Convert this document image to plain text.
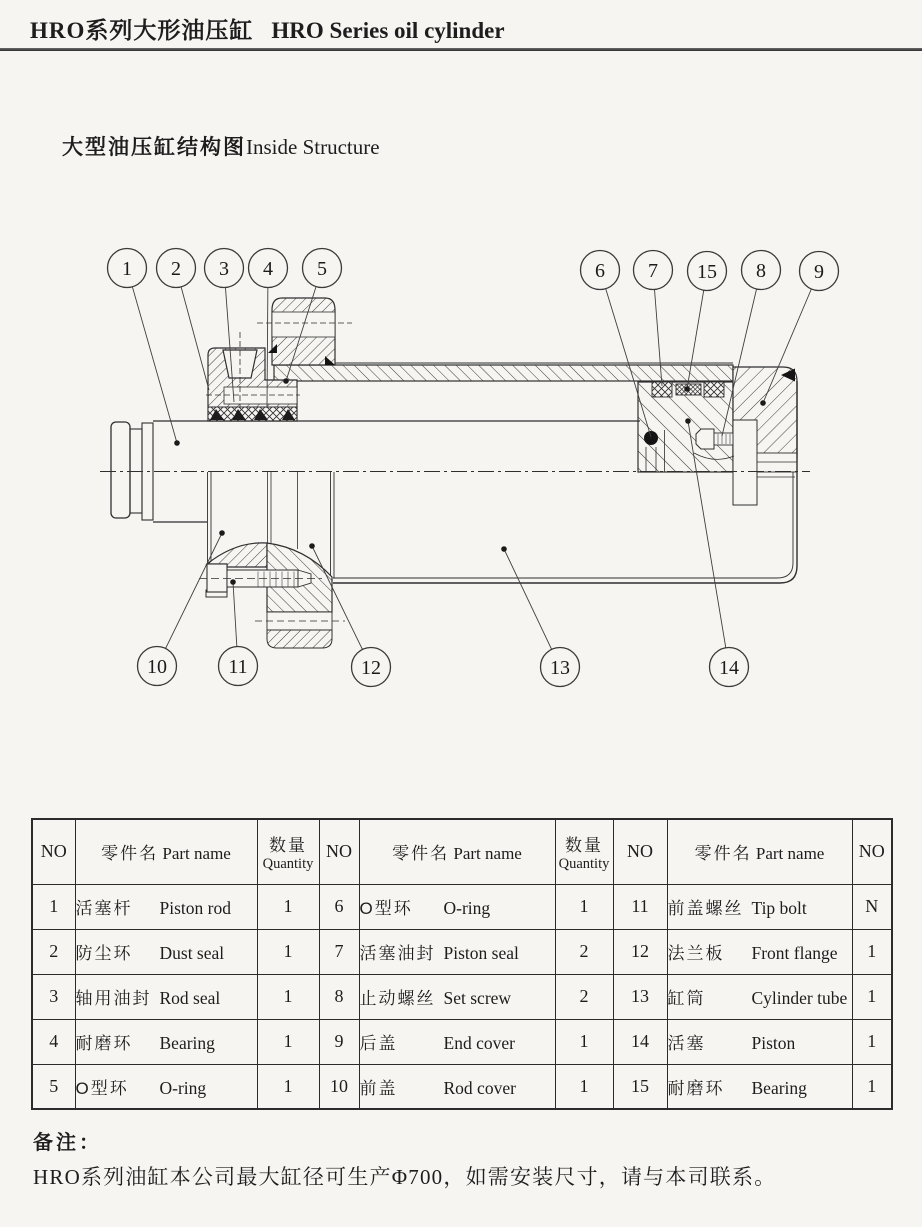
HRO系列大形油压缸 HRO Series oil cylinder
大型油压缸结构图 Inside Structure
1 2 3 4 5	6 7 15 8 9
10	11	12	13	14
NO	零件名 Part name	数量
Quantity
	NO	零件名 Part name	数量
Quantity
	NO	零件名 Part name	NO
1	活塞杆 Piston rod	1	6	O型环 O-ring	1	11	前盖螺丝 Tip bolt	N
2	防尘环 Dust seal	1	7	活塞油封 Piston seal	2	12	法兰板 Front flange	1
3	轴用油封 Rod seal	1	8	止动螺丝 Set screw	2	13	缸筒 Cylinder tube	1
4	耐磨环 Bearing	1	9	后盖 End cover	1	14	活塞 Piston	1
5	O型环 O-ring	1	10	前盖 Rod cover	1	15	耐磨环 Bearing	1
备注：
HRO系列油缸本公司最大缸径可生产Φ700，如需安装尺寸，请与本司联系。
